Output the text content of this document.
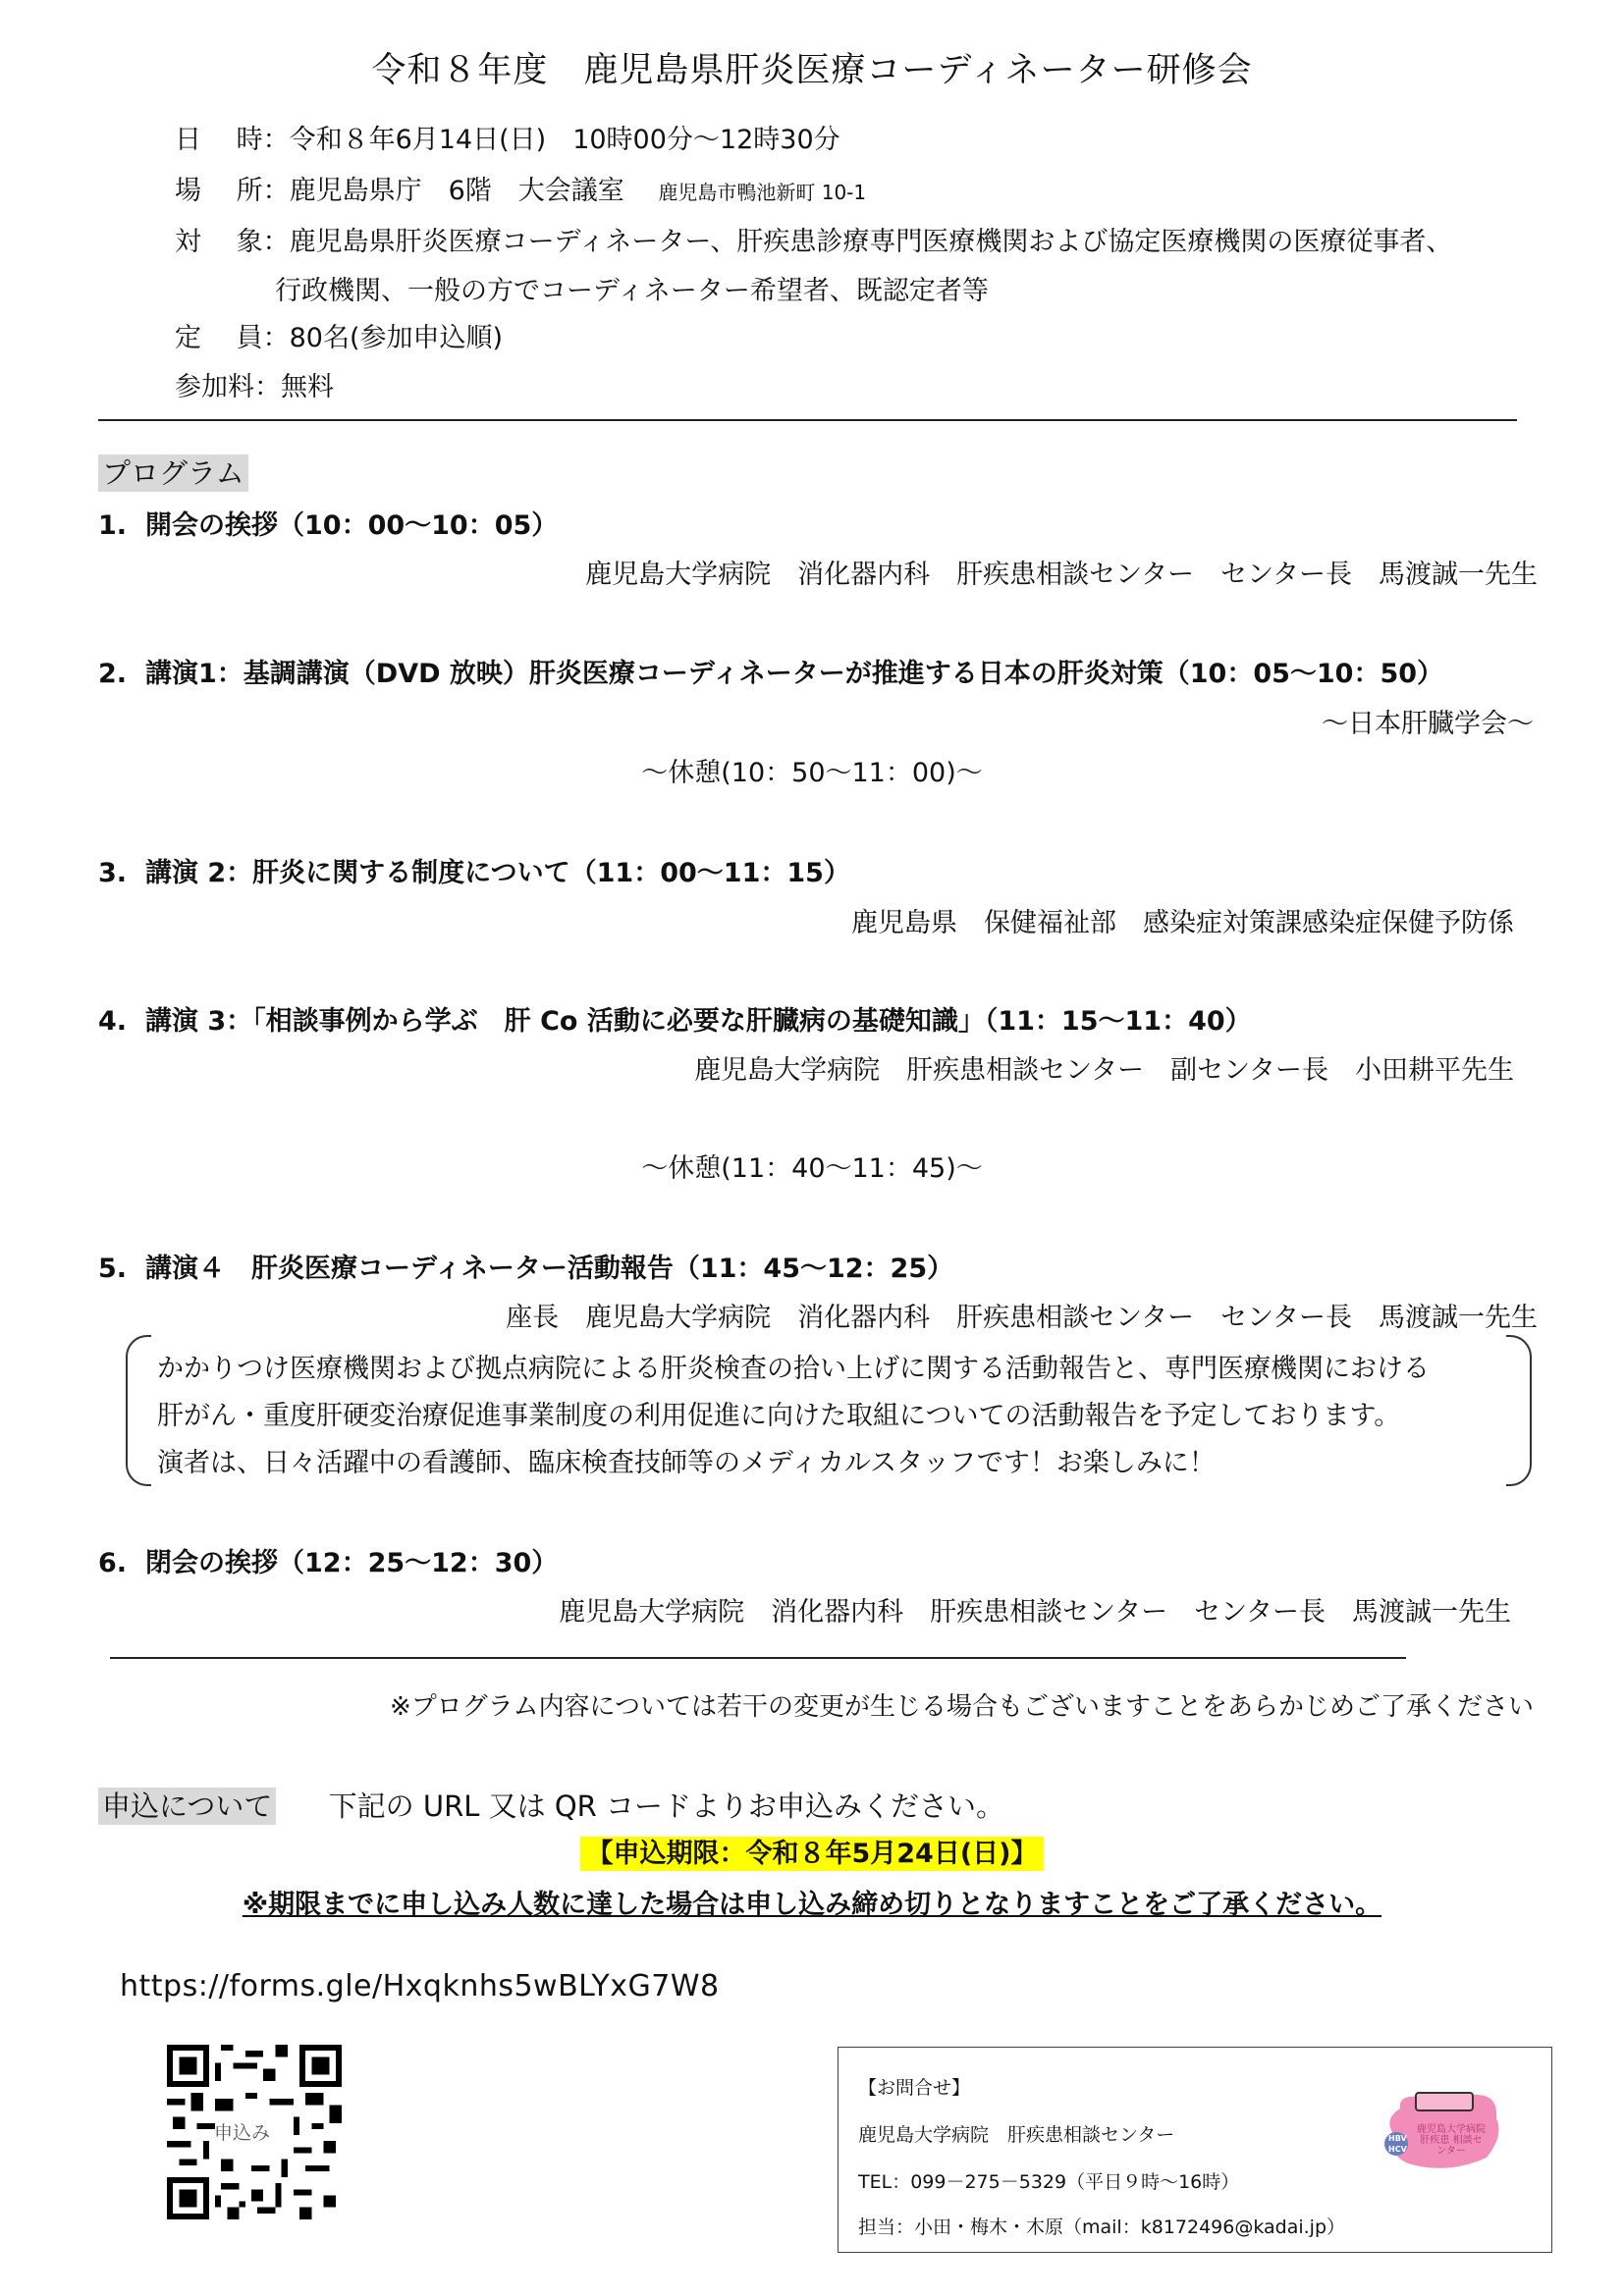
令和８年度　鹿児島県肝炎医療コーディネーター研修会
日　 時：令和８年6月14日(日)　10時00分～12時30分
場　 所：鹿児島県庁　6階　大会議室 鹿児島市鴨池新町 10-1
対　 象：鹿児島県肝炎医療コーディネーター、肝疾患診療専門医療機関および協定医療機関の医療従事者、
行政機関、一般の方でコーディネーター希望者、既認定者等
定　 員：80名(参加申込順)
参加料：無料
プログラム
1. 開会の挨拶（10：00～10：05）
鹿児島大学病院　消化器内科　肝疾患相談センター　センター長　馬渡誠一先生
2. 講演1：基調講演（DVD 放映）肝炎医療コーディネーターが推進する日本の肝炎対策（10：05～10：50）
～日本肝臓学会～
～休憩(10：50～11：00)～
3. 講演 2：肝炎に関する制度について（11：00～11：15）
鹿児島県　保健福祉部　感染症対策課感染症保健予防係
4. 講演 3：「相談事例から学ぶ　肝 Co 活動に必要な肝臓病の基礎知識」（11：15～11：40）
鹿児島大学病院　肝疾患相談センター　副センター長　小田耕平先生
～休憩(11：40～11：45)～
5. 講演４　肝炎医療コーディネーター活動報告（11：45～12：25）
座長　鹿児島大学病院　消化器内科　肝疾患相談センター　センター長　馬渡誠一先生
かかりつけ医療機関および拠点病院による肝炎検査の拾い上げに関する活動報告と、専門医療機関における
肝がん・重度肝硬変治療促進事業制度の利用促進に向けた取組についての活動報告を予定しております。
演者は、日々活躍中の看護師、臨床検査技師等のメディカルスタッフです！お楽しみに！
6. 閉会の挨拶（12：25～12：30）
鹿児島大学病院　消化器内科　肝疾患相談センター　センター長　馬渡誠一先生
※プログラム内容については若干の変更が生じる場合もございますことをあらかじめご了承ください
申込について 下記の URL 又は QR コードよりお申込みください。
【申込期限：令和８年5月24日(日)】
※期限までに申し込み人数に達した場合は申し込み締め切りとなりますことをご了承ください。
https://forms.gle/Hxqknhs5wBLYxG7W8
申込み
【お問合せ】
鹿児島大学病院　肝疾患相談センター
TEL：099－275－5329（平日９時～16時）
担当：小田・梅木・木原（mail：k8172496@kadai.jp）
HBV
HCV
鹿児島大学病院 肝疾患 相談センター
